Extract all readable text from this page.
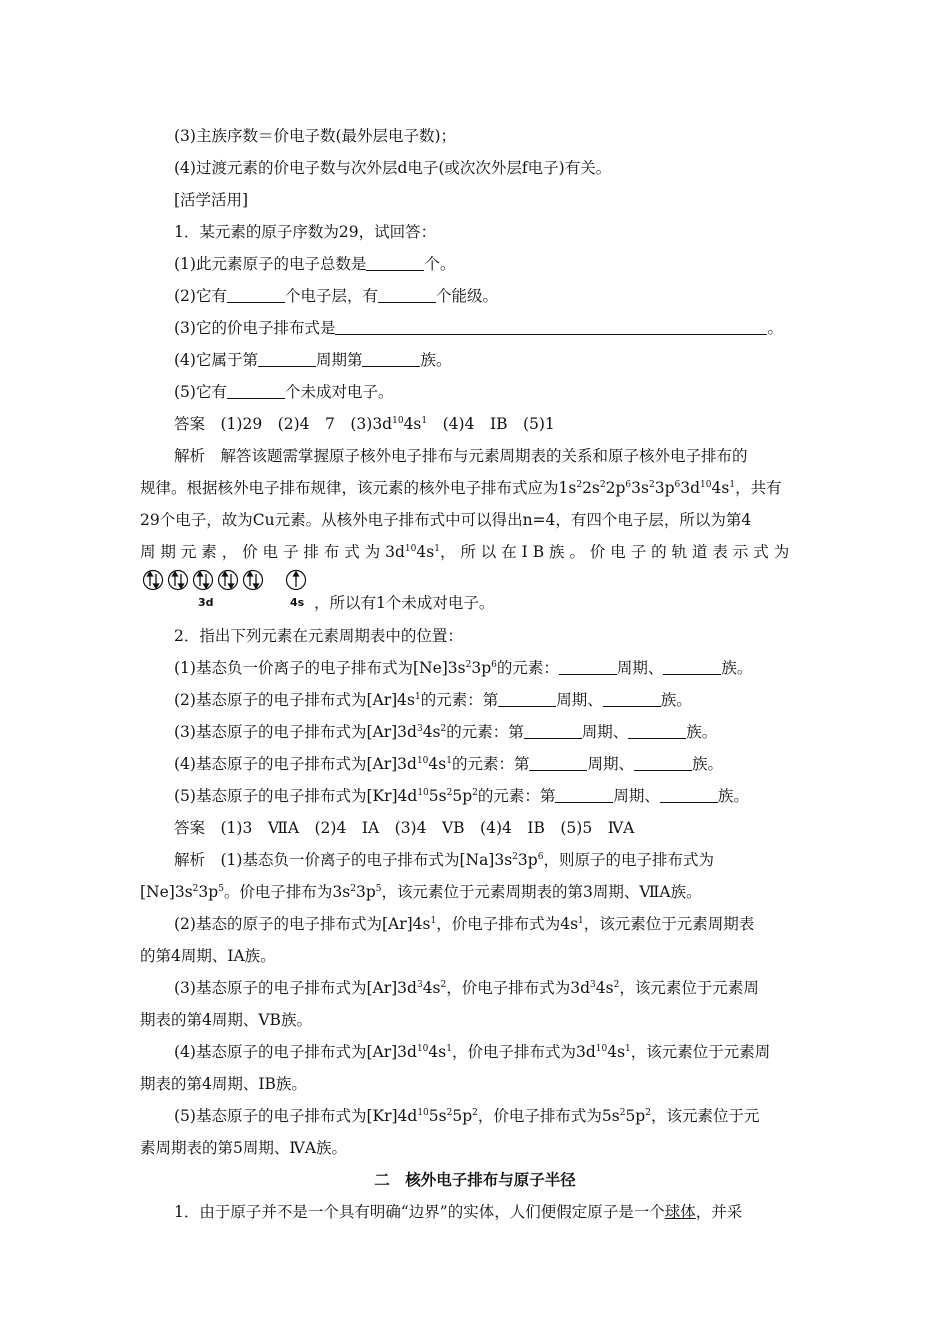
(3)主族序数＝价电子数(最外层电子数)；
(4)过渡元素的价电子数与次外层d电子(或次次外层f电子)有关。
[活学活用]
1．某元素的原子序数为29，试回答：
(1)此元素原子的电子总数是	个。
(2)它有	个电子层，有	个能级。
(3)它的价电子排布式是	。
(4)它属于第	周期第	族。
(5)它有	个未成对电子。
答案　(1)29　(2)4　7　$(3)3d^{10}4s^1$　(4)4　ⅠB　(5)1
解析　解答该题需掌握原子核外电子排布与元素周期表的关系和原子核外电子排布的
规律。根据核外电子排布规律，该元素的核外电子排布式应为$1s^22s^22p^63s^23p^63d^{10}4s^1$，共有
29个电子，故为Cu元素。从核外电子排布式中可以得出n=4，有四个电子层，所以为第4
周 期 元 素 ， 价 电 子 排 布 式 为 $3d^{10}4s^1$， 所 以 在 Ⅰ B 族 。 价 电 子 的 轨 道 表 示 式 为
3d	4s ，所以有1个未成对电子。
2．指出下列元素在元素周期表中的位置：
(1)基态负一价离子的电子排布式为$[Ne]3s^23p^6$的元素：	周期、	族。
(2)基态原子的电子排布式为$[Ar]4s^1$的元素：第	周期、	族。
(3)基态原子的电子排布式为$[Ar]3d^34s^2$的元素：第	周期、	族。
(4)基态原子的电子排布式为$[Ar]3d^{10}4s^1$的元素：第	周期、	族。
(5)基态原子的电子排布式为$[Kr]4d^{10}5s^25p^2$的元素：第	周期、	族。
答案　(1)3　ⅦA　(2)4　ⅠA　(3)4　ⅤB　(4)4　ⅠB　(5)5　ⅣA
解析　(1)基态负一价离子的电子排布式为$[Na]3s^23p^6$，则原子的电子排布式为
$[Ne]3s^23p^5$。价电子排布为$3s^23p^5$，该元素位于元素周期表的第3周期、ⅦA族。
(2)基态的原子的电子排布式为$[Ar]4s^1$，价电子排布式为$4s^1$，该元素位于元素周期表
的第4周期、ⅠA族。
(3)基态原子的电子排布式为$[Ar]3d^34s^2$，价电子排布式为$3d^34s^2$，该元素位于元素周
期表的第4周期、ⅤB族。
(4)基态原子的电子排布式为$[Ar]3d^{10}4s^1$，价电子排布式为$3d^{10}4s^1$，该元素位于元素周
期表的第4周期、ⅠB族。
(5)基态原子的电子排布式为$[Kr]4d^{10}5s^25p^2$，价电子排布式为$5s^25p^2$，该元素位于元
素周期表的第5周期、ⅣA族。
二　核外电子排布与原子半径
1．由于原子并不是一个具有明确“边界”的实体，人们便假定原子是一个球体，并采
